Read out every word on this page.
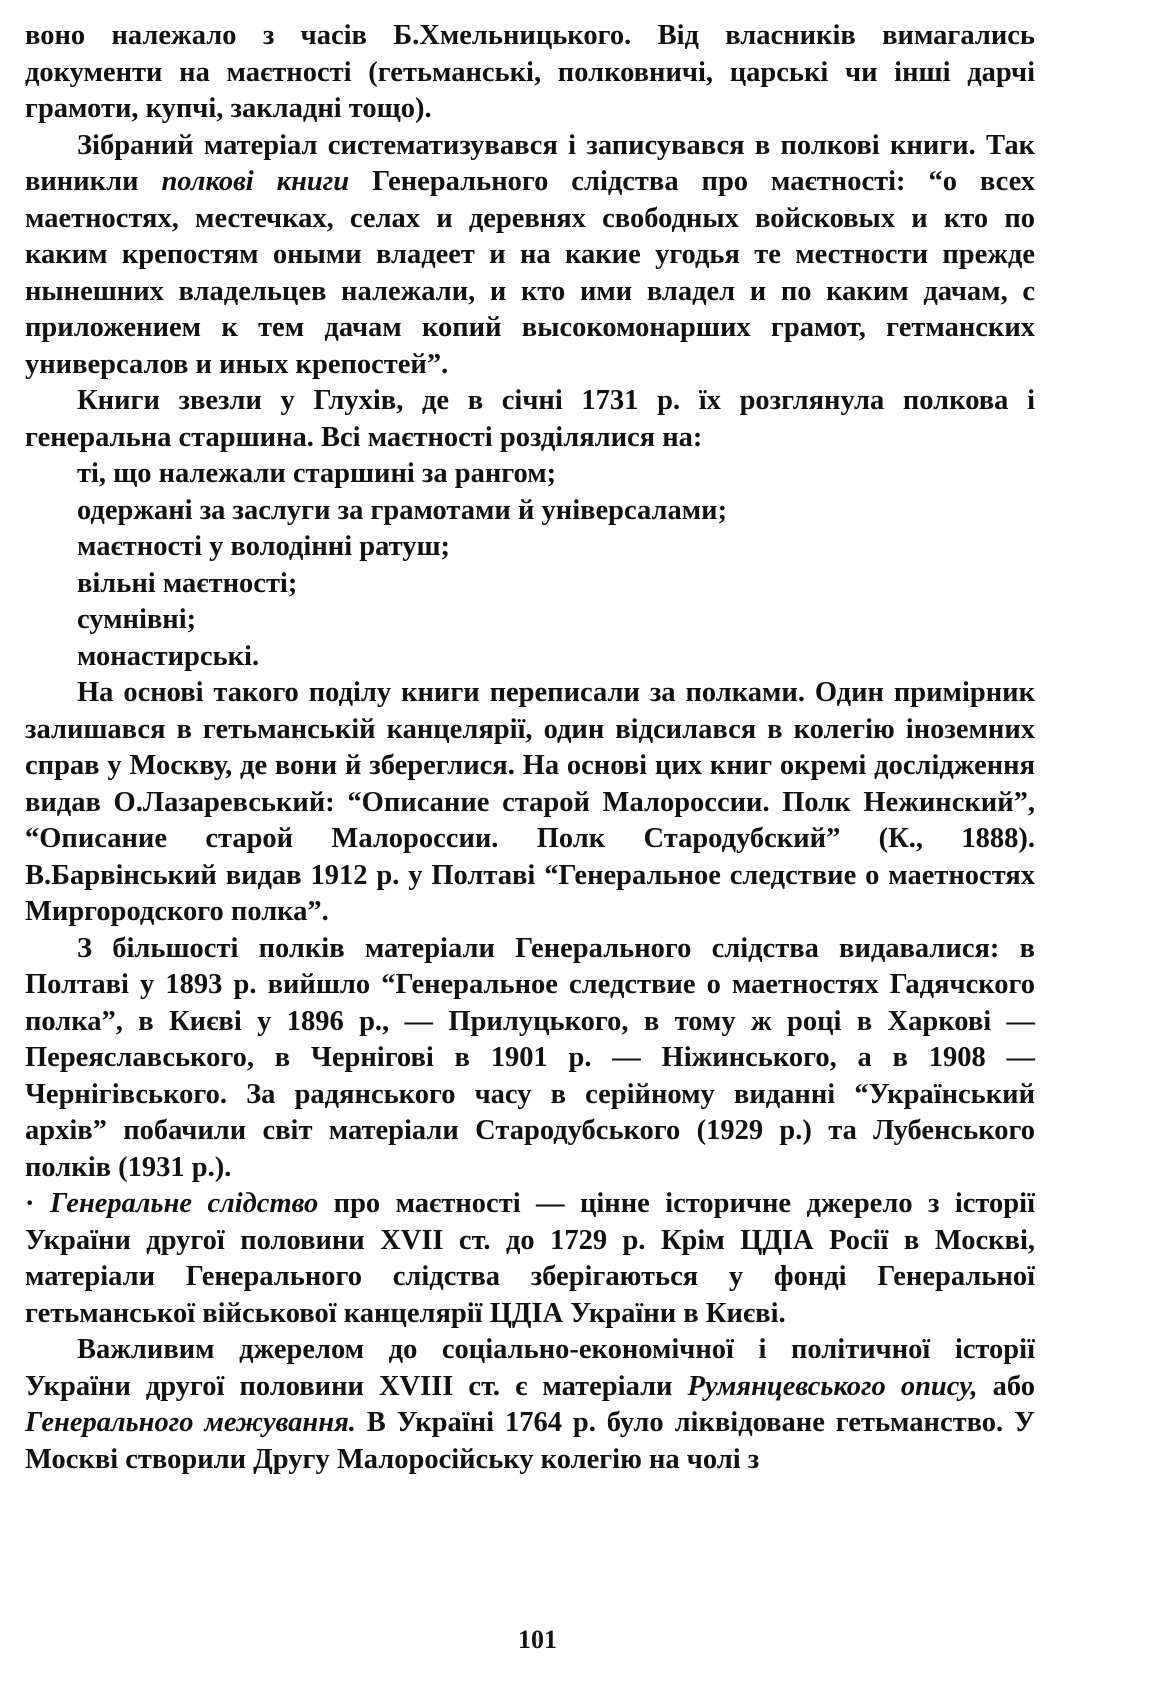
воно належало з часів Б.Хмельницького. Від власників вимагались документи на маєтності (гетьманські, полковничі, царські чи інші дарчі грамоти, купчі, закладні тощо).

Зібраний матеріал систематизувався і записувався в полкові книги. Так виникли полкові книги Генерального слідства про маєтності: “о всех маетностях, местечках, селах и деревнях свободных войсковых и кто по каким крепостям оными владеет и на какие угодья те местности прежде нынешних владельцев належали, и кто ими владел и по каким дачам, с приложением к тем дачам копий высокомонарших грамот, гетманских универсалов и иных крепостей”.

Книги звезли у Глухів, де в січні 1731 р. їх розглянула полкова і генеральна старшина. Всі маєтності розділялися на:

ті, що належали старшині за рангом;

одержані за заслуги за грамотами й універсалами;

маєтності у володінні ратуш;

вільні маєтності;

сумнівні;

монастирські.

На основі такого поділу книги переписали за полками. Один примірник залишався в гетьманській канцелярії, один відсилався в колегію іноземних справ у Москву, де вони й збереглися. На основі цих книг окремі дослідження видав О.Лазаревський: “Описание старой Малороссии. Полк Нежинский”, “Описание старой Малороссии. Полк Стародубский” (К., 1888). В.Барвінський видав 1912 р. у Полтаві “Генеральное следствие о маетностях Миргородского полка”.

З більшості полків матеріали Генерального слідства видавалися: в Полтаві у 1893 р. вийшло “Генеральное следствие о маетностях Гадячского полка”, в Києві у 1896 р., — Прилуцького, в тому ж році в Харкові — Переяславського, в Чернігові в 1901 р. — Ніжинського, а в 1908 — Чернігівського. За радянського часу в серійному виданні “Український архів” побачили світ матеріали Стародубського (1929 р.) та Лубенського полків (1931 р.).

· Генеральне слідство про маєтності — цінне історичне джерело з історії України другої половини XVII ст. до 1729 р. Крім ЦДІА Росії в Москві, матеріали Генерального слідства зберігаються у фонді Генеральної гетьманської військової канцелярії ЦДІА України в Києві.

Важливим джерелом до соціально-економічної і політичної історії України другої половини XVIII ст. є матеріали Румянцевського опису, або Генерального межування. В Україні 1764 р. було ліквідоване гетьманство. У Москві створили Другу Малоросійську колегію на чолі з

101
